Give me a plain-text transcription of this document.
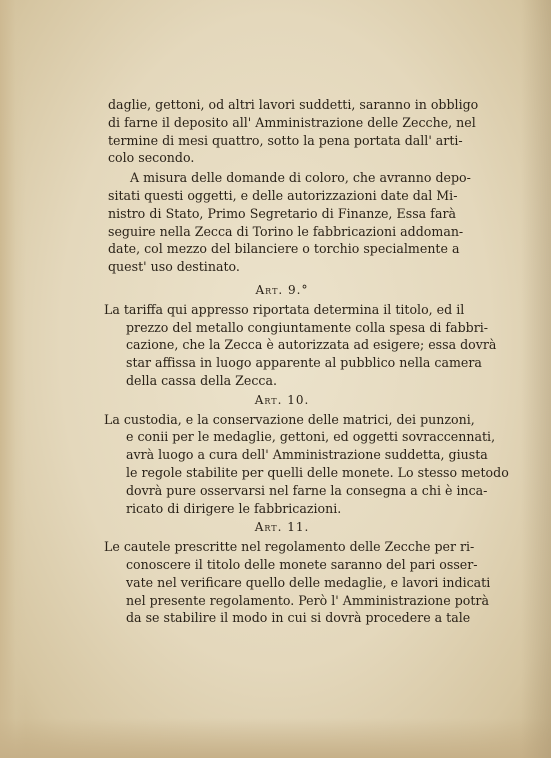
daglie, gettoni, od altri lavori suddetti, saranno in obbligo
di farne il deposito all' Amministrazione delle Zecche, nel
termine di mesi quattro, sotto la pena portata dall' arti-
colo secondo.
A misura delle domande di coloro, che avranno depo-
sitati questi oggetti, e delle autorizzazioni date dal Mi-
nistro di Stato, Primo Segretario di Finanze, Essa farà
seguire nella Zecca di Torino le fabbricazioni addoman-
date, col mezzo del bilanciere o torchio specialmente a
quest' uso destinato.
Art. 9.°
La tariffa qui appresso riportata determina il titolo, ed il
prezzo del metallo congiuntamente colla spesa di fabbri-
cazione, che la Zecca è autorizzata ad esigere; essa dovrà
star affissa in luogo apparente al pubblico nella camera
della cassa della Zecca.
Art. 10.
La custodia, e la conservazione delle matrici, dei punzoni,
e conii per le medaglie, gettoni, ed oggetti sovraccennati,
avrà luogo a cura dell' Amministrazione suddetta, giusta
le regole stabilite per quelli delle monete. Lo stesso metodo
dovrà pure osservarsi nel farne la consegna a chi è inca-
ricato di dirigere le fabbricazioni.
Art. 11.
Le cautele prescritte nel regolamento delle Zecche per ri-
conoscere il titolo delle monete saranno del pari osser-
vate nel verificare quello delle medaglie, e lavori indicati
nel presente regolamento. Però l' Amministrazione potrà
da se stabilire il modo in cui si dovrà procedere a tale
